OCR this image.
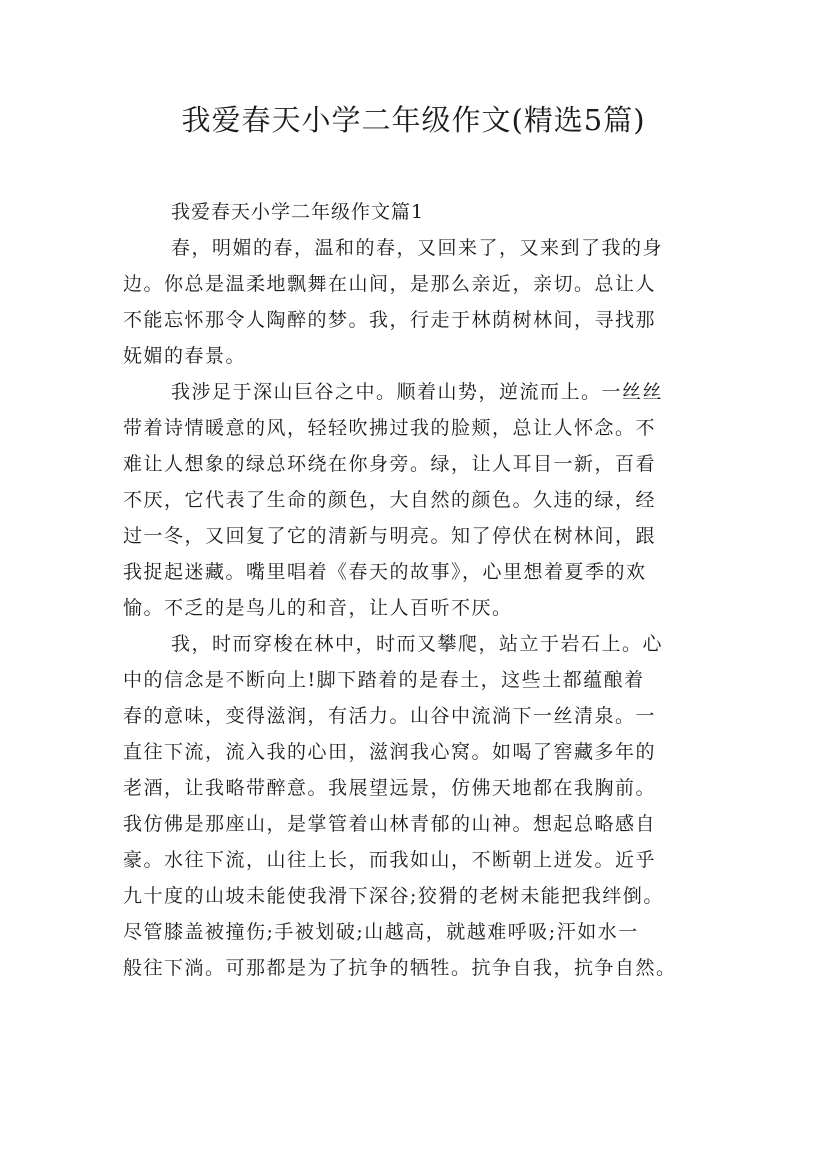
我爱春天小学二年级作文(精选5篇)

我爱春天小学二年级作文篇1

春，明媚的春，温和的春，又回来了，又来到了我的身
边。你总是温柔地飘舞在山间，是那么亲近，亲切。总让人
不能忘怀那令人陶醉的梦。我，行走于林荫树林间，寻找那
妩媚的春景。

我涉足于深山巨谷之中。顺着山势，逆流而上。一丝丝
带着诗情暖意的风，轻轻吹拂过我的脸颊，总让人怀念。不
难让人想象的绿总环绕在你身旁。绿，让人耳目一新，百看
不厌，它代表了生命的颜色，大自然的颜色。久违的绿，经
过一冬，又回复了它的清新与明亮。知了停伏在树林间，跟
我捉起迷藏。嘴里唱着《春天的故事》，心里想着夏季的欢
愉。不乏的是鸟儿的和音，让人百听不厌。

我，时而穿梭在林中，时而又攀爬，站立于岩石上。心
中的信念是不断向上!脚下踏着的是春土，这些土都蕴酿着
春的意味，变得滋润，有活力。山谷中流淌下一丝清泉。一
直往下流，流入我的心田，滋润我心窝。如喝了窖藏多年的
老酒，让我略带醉意。我展望远景，仿佛天地都在我胸前。
我仿佛是那座山，是掌管着山林青郁的山神。想起总略感自
豪。水往下流，山往上长，而我如山，不断朝上迸发。近乎
九十度的山坡未能使我滑下深谷;狡猾的老树未能把我绊倒。
尽管膝盖被撞伤;手被划破;山越高，就越难呼吸;汗如水一
般往下淌。可那都是为了抗争的牺牲。抗争自我，抗争自然。
